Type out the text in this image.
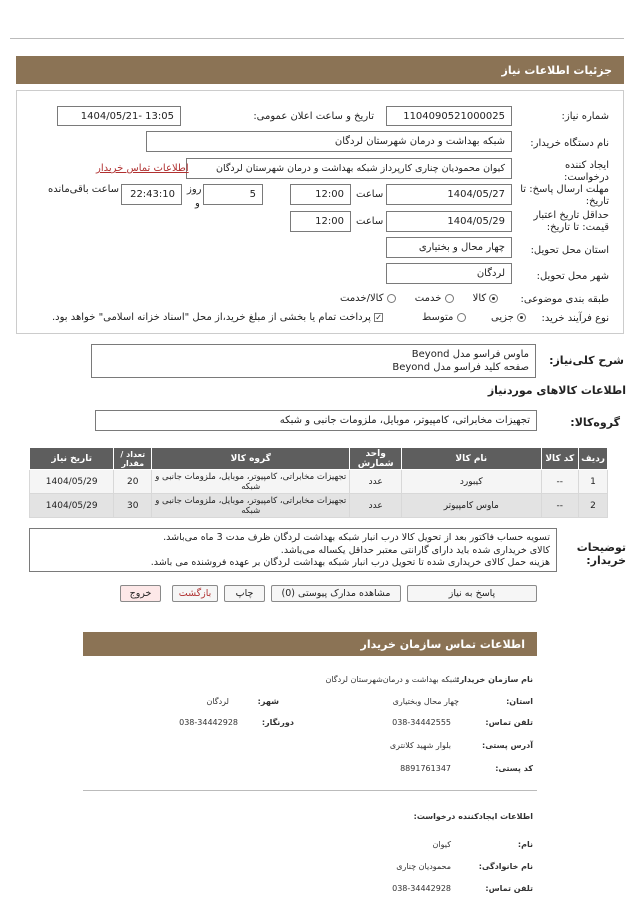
جزئیات اطلاعات نیاز
شماره نیاز:
1104090521000025
تاریخ و ساعت اعلان عمومی:
1404/05/21- 13:05
نام دستگاه خریدار:
شبکه بهداشت و درمان شهرستان لردگان
ایجاد کننده
درخواست:
کیوان محمودیان چناری کارپرداز شبکه بهداشت و درمان شهرستان لردگان
اطلاعات تماس خریدار
مهلت ارسال پاسخ: تا
تاریخ:
1404/05/27
ساعت
12:00
5
روز
و
22:43:10
ساعت باقی‌مانده
حداقل تاریخ اعتبار
قیمت: تا تاریخ:
1404/05/29
ساعت
12:00
استان محل تحویل:
چهار محال و بختیاری
شهر محل تحویل:
لردگان
طبقه بندی موضوعی:
کالا       خدمت       کالا/خدمت
نوع فرآیند خرید:
جزیی         متوسط
✓ پرداخت تمام یا بخشی از مبلغ خرید،از محل "اسناد خزانه اسلامی" خواهد بود.
شرح کلی‌نیاز:
ماوس فراسو مدل Beyond
صفحه کلید فراسو مدل Beyond
اطلاعات کالاهای موردنیاز
گروه‌کالا:
تجهیزات مخابراتی، کامپیوتر، موبایل، ملزومات جانبی و شبکه
ردیف	کد کالا	نام کالا	واحد شمارش	گروه کالا	تعداد / مقدار	تاریخ نیاز
1	--	کیبورد	عدد	تجهیزات مخابراتی، کامپیوتر، موبایل، ملزومات جانبی و شبکه	20	1404/05/29
2	--	ماوس کامپیوتر	عدد	تجهیزات مخابراتی، کامپیوتر، موبایل، ملزومات جانبی و شبکه	30	1404/05/29
توضیحات
خریدار:
تسویه حساب فاکتور بعد از تحویل کالا درب انبار شبکه بهداشت لردگان ظرف مدت 3 ماه می‌باشد.
کالای خریداری شده باید دارای گارانتی معتبر حداقل یکساله می‌باشد.
هزینه حمل کالای خریداری شده تا تحویل درب انبار شبکه بهداشت لردگان بر عهده فروشنده می باشد.
پاسخ به نیاز
مشاهده مدارک پیوستی (0)
چاپ
بازگشت
خروج
اطلاعات تماس سازمان خریدار
نام سازمان خریدار:
شبکه بهداشت و درمان‌شهرستان لردگان
استان:
چهار محال وبختیاری
شهر:
لردگان
تلفن تماس:
038-34442555
دورنگار:
038-34442928
آدرس پستی:
بلوار شهید کلانتری
کد پستی:
8891761347
اطلاعات ایجادکننده درخواست:
نام:
کیوان
نام خانوادگی:
محمودیان چناری
تلفن تماس:
038-34442928
